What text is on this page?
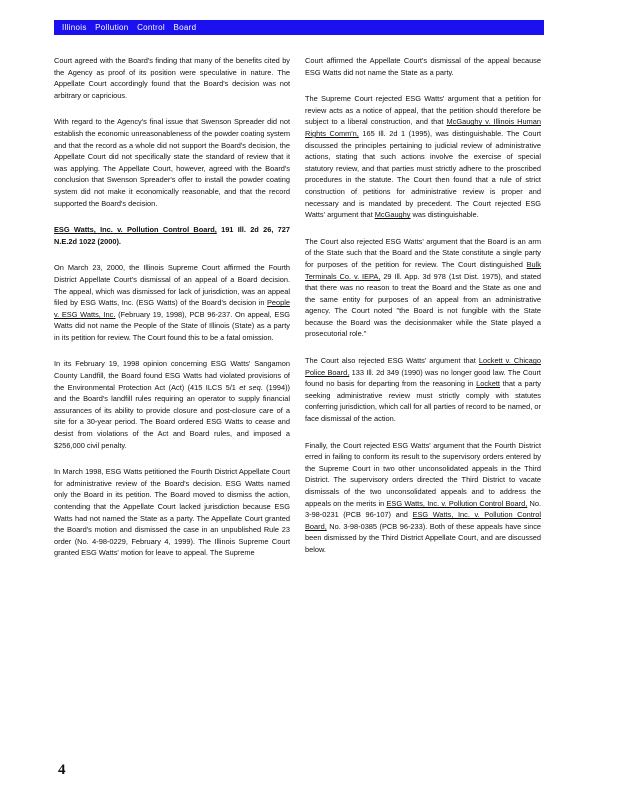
Illinois Pollution Control Board

Court agreed with the Board's finding that many of the benefits cited by the Agency as proof of its position were speculative in nature. The Appellate Court accordingly found that the Board's decision was not arbitrary or capricious.

With regard to the Agency's final issue that Swenson Spreader did not establish the economic unreasonableness of the powder coating system and that the record as a whole did not support the Board's decision, the Appellate Court did not specifically state the standard of review that it was applying. The Appellate Court, however, agreed with the Board's conclusion that Swenson Spreader's offer to install the powder coating system did not make it economically reasonable, and that the record supported the Board's decision.

ESG Watts, Inc. v. Pollution Control Board, 191 Ill. 2d 26, 727 N.E.2d 1022 (2000).

On March 23, 2000, the Illinois Supreme Court affirmed the Fourth District Appellate Court's dismissal of an appeal of a Board decision. The appeal, which was dismissed for lack of jurisdiction, was an appeal filed by ESG Watts, Inc. (ESG Watts) of the Board's decision in People v. ESG Watts, Inc. (February 19, 1998), PCB 96-237. On appeal, ESG Watts did not name the People of the State of Illinois (State) as a party in its petition for review. The Court found this to be a fatal omission.

In its February 19, 1998 opinion concerning ESG Watts' Sangamon County Landfill, the Board found ESG Watts had violated provisions of the Environmental Protection Act (Act) (415 ILCS 5/1 et seq. (1994)) and the Board's landfill rules requiring an operator to supply financial assurances of its ability to provide closure and post-closure care of a site for a 30-year period. The Board ordered ESG Watts to cease and desist from violations of the Act and Board rules, and imposed a $256,000 civil penalty.

In March 1998, ESG Watts petitioned the Fourth District Appellate Court for administrative review of the Board's decision. ESG Watts named only the Board in its petition. The Board moved to dismiss the action, contending that the Appellate Court lacked jurisdiction because ESG Watts had not named the State as a party. The Appellate Court granted the Board's motion and dismissed the case in an unpublished Rule 23 order (No. 4-98-0229, February 4, 1999). The Illinois Supreme Court granted ESG Watts' motion for leave to appeal. The Supreme

Court affirmed the Appellate Court's dismissal of the appeal because ESG Watts did not name the State as a party.

The Supreme Court rejected ESG Watts' argument that a petition for review acts as a notice of appeal, that the petition should therefore be subject to a liberal construction, and that McGaughy v. Illinois Human Rights Comm'n, 165 Ill. 2d 1 (1995), was distinguishable. The Court discussed the principles pertaining to judicial review of administrative actions, stating that such actions involve the exercise of special statutory review, and that parties must strictly adhere to the proscribed procedures in the statute. The Court then found that a rule of strict construction of petitions for administrative review is proper and necessary and is mandated by precedent. The Court rejected ESG Watts' argument that McGaughy was distinguishable.

The Court also rejected ESG Watts' argument that the Board is an arm of the State such that the Board and the State constitute a single party for purposes of the petition for review. The Court distinguished Bulk Terminals Co. v. IEPA, 29 Ill. App. 3d 978 (1st Dist. 1975), and stated that there was no reason to treat the Board and the State as one and the same entity for purposes of an appeal from an administrative agency. The Court noted "the Board is not fungible with the State because the Board was the decisionmaker while the State played a prosecutorial role."

The Court also rejected ESG Watts' argument that Lockett v. Chicago Police Board, 133 Ill. 2d 349 (1990) was no longer good law. The Court found no basis for departing from the reasoning in Lockett that a party seeking administrative review must strictly comply with statutes conferring jurisdiction, which call for all parties of record to be named, or face dismissal of the action.

Finally, the Court rejected ESG Watts' argument that the Fourth District erred in failing to conform its result to the supervisory orders entered by the Supreme Court in two other unconsolidated appeals in the Third District. The supervisory orders directed the Third District to vacate dismissals of the two unconsolidated appeals and to address the appeals on the merits in ESG Watts, Inc. v. Pollution Control Board, No. 3-98-0231 (PCB 96-107) and ESG Watts, Inc. v. Pollution Control Board, No. 3-98-0385 (PCB 96-233). Both of these appeals have since been dismissed by the Third District Appellate Court, and are discussed below.

4
